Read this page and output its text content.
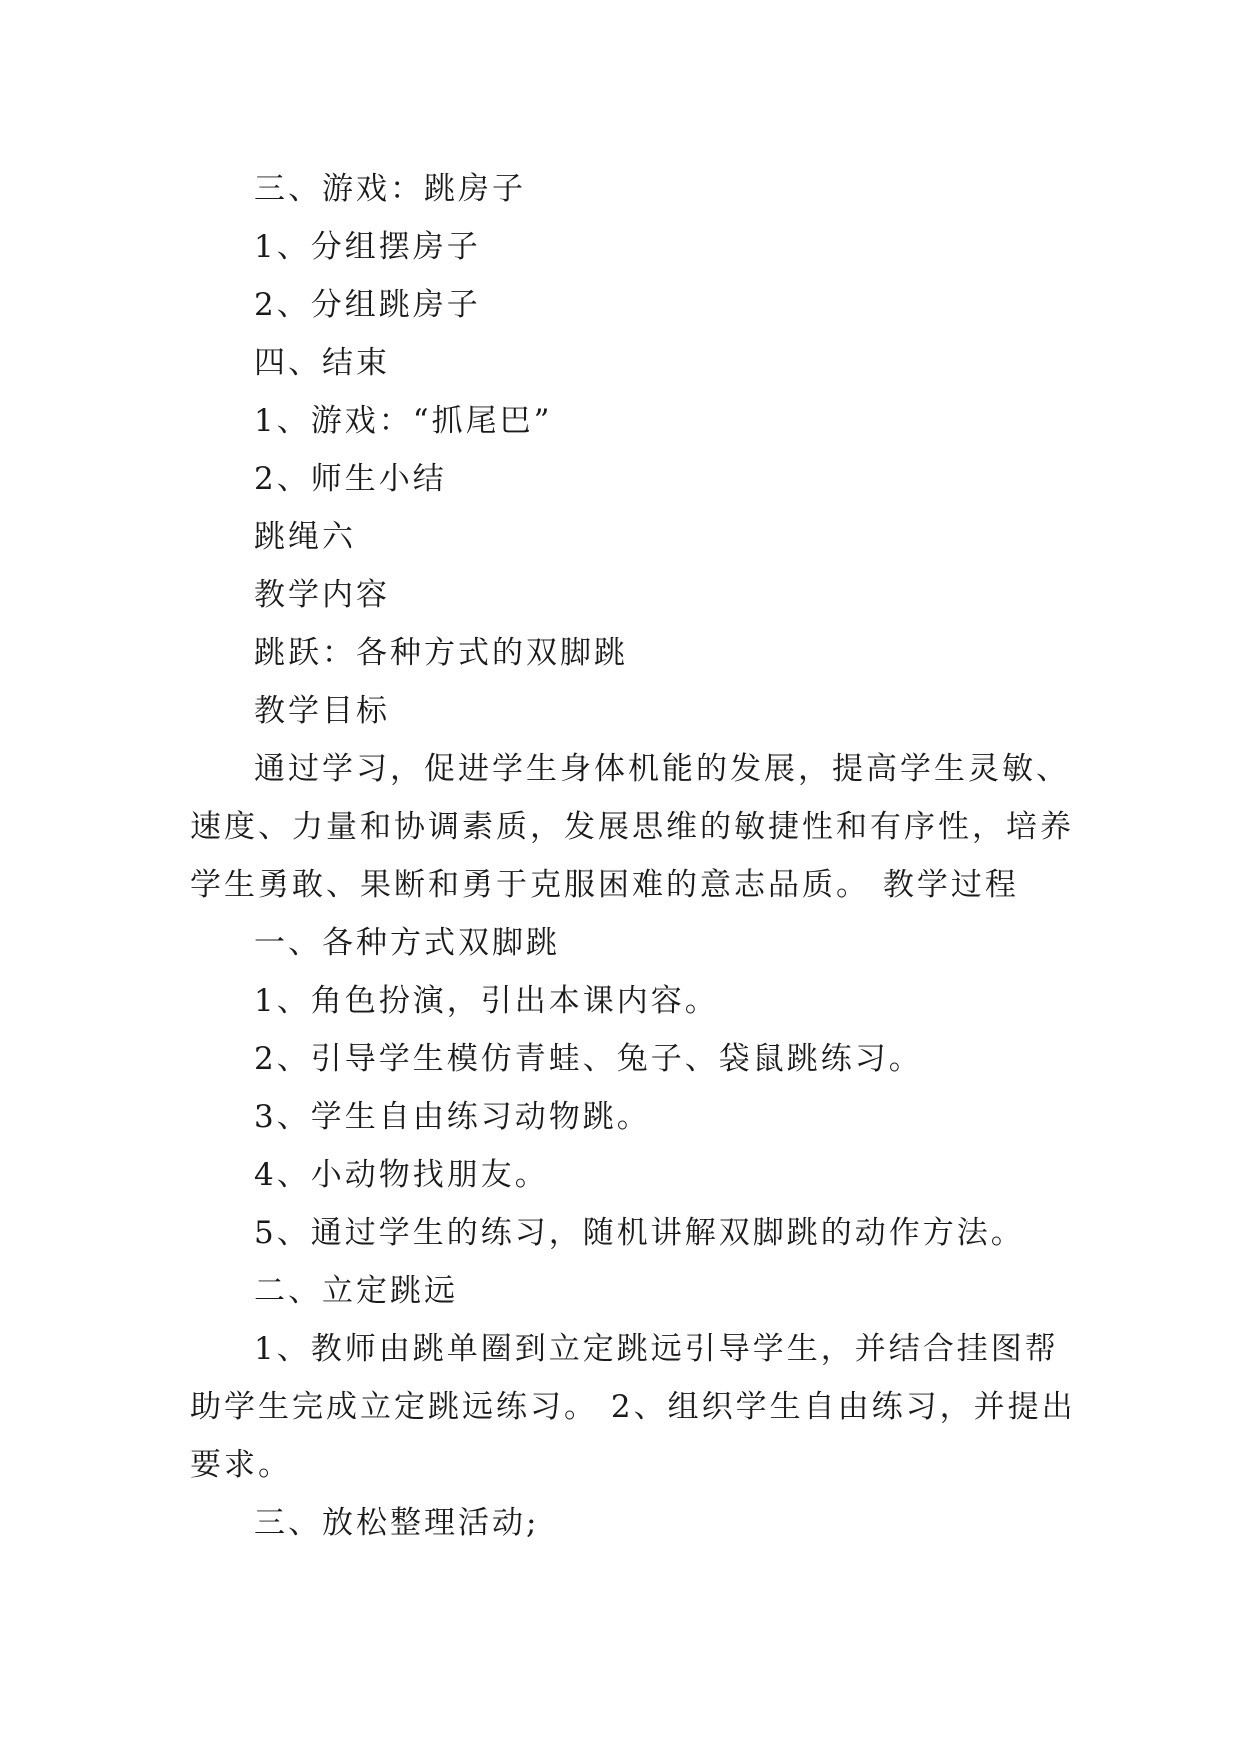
三、游戏：跳房子
1、分组摆房子
2、分组跳房子
四、结束
1、游戏：“抓尾巴”
2、师生小结
跳绳六
教学内容
跳跃：各种方式的双脚跳
教学目标
通过学习，促进学生身体机能的发展，提高学生灵敏、
速度、力量和协调素质，发展思维的敏捷性和有序性，培养
学生勇敢、果断和勇于克服困难的意志品质。 教学过程
一、各种方式双脚跳
1、角色扮演，引出本课内容。
2、引导学生模仿青蛙、兔子、袋鼠跳练习。
3、学生自由练习动物跳。
4、小动物找朋友。
5、通过学生的练习，随机讲解双脚跳的动作方法。
二、立定跳远
1、教师由跳单圈到立定跳远引导学生，并结合挂图帮
助学生完成立定跳远练习。 2、组织学生自由练习，并提出
要求。
三、放松整理活动;
